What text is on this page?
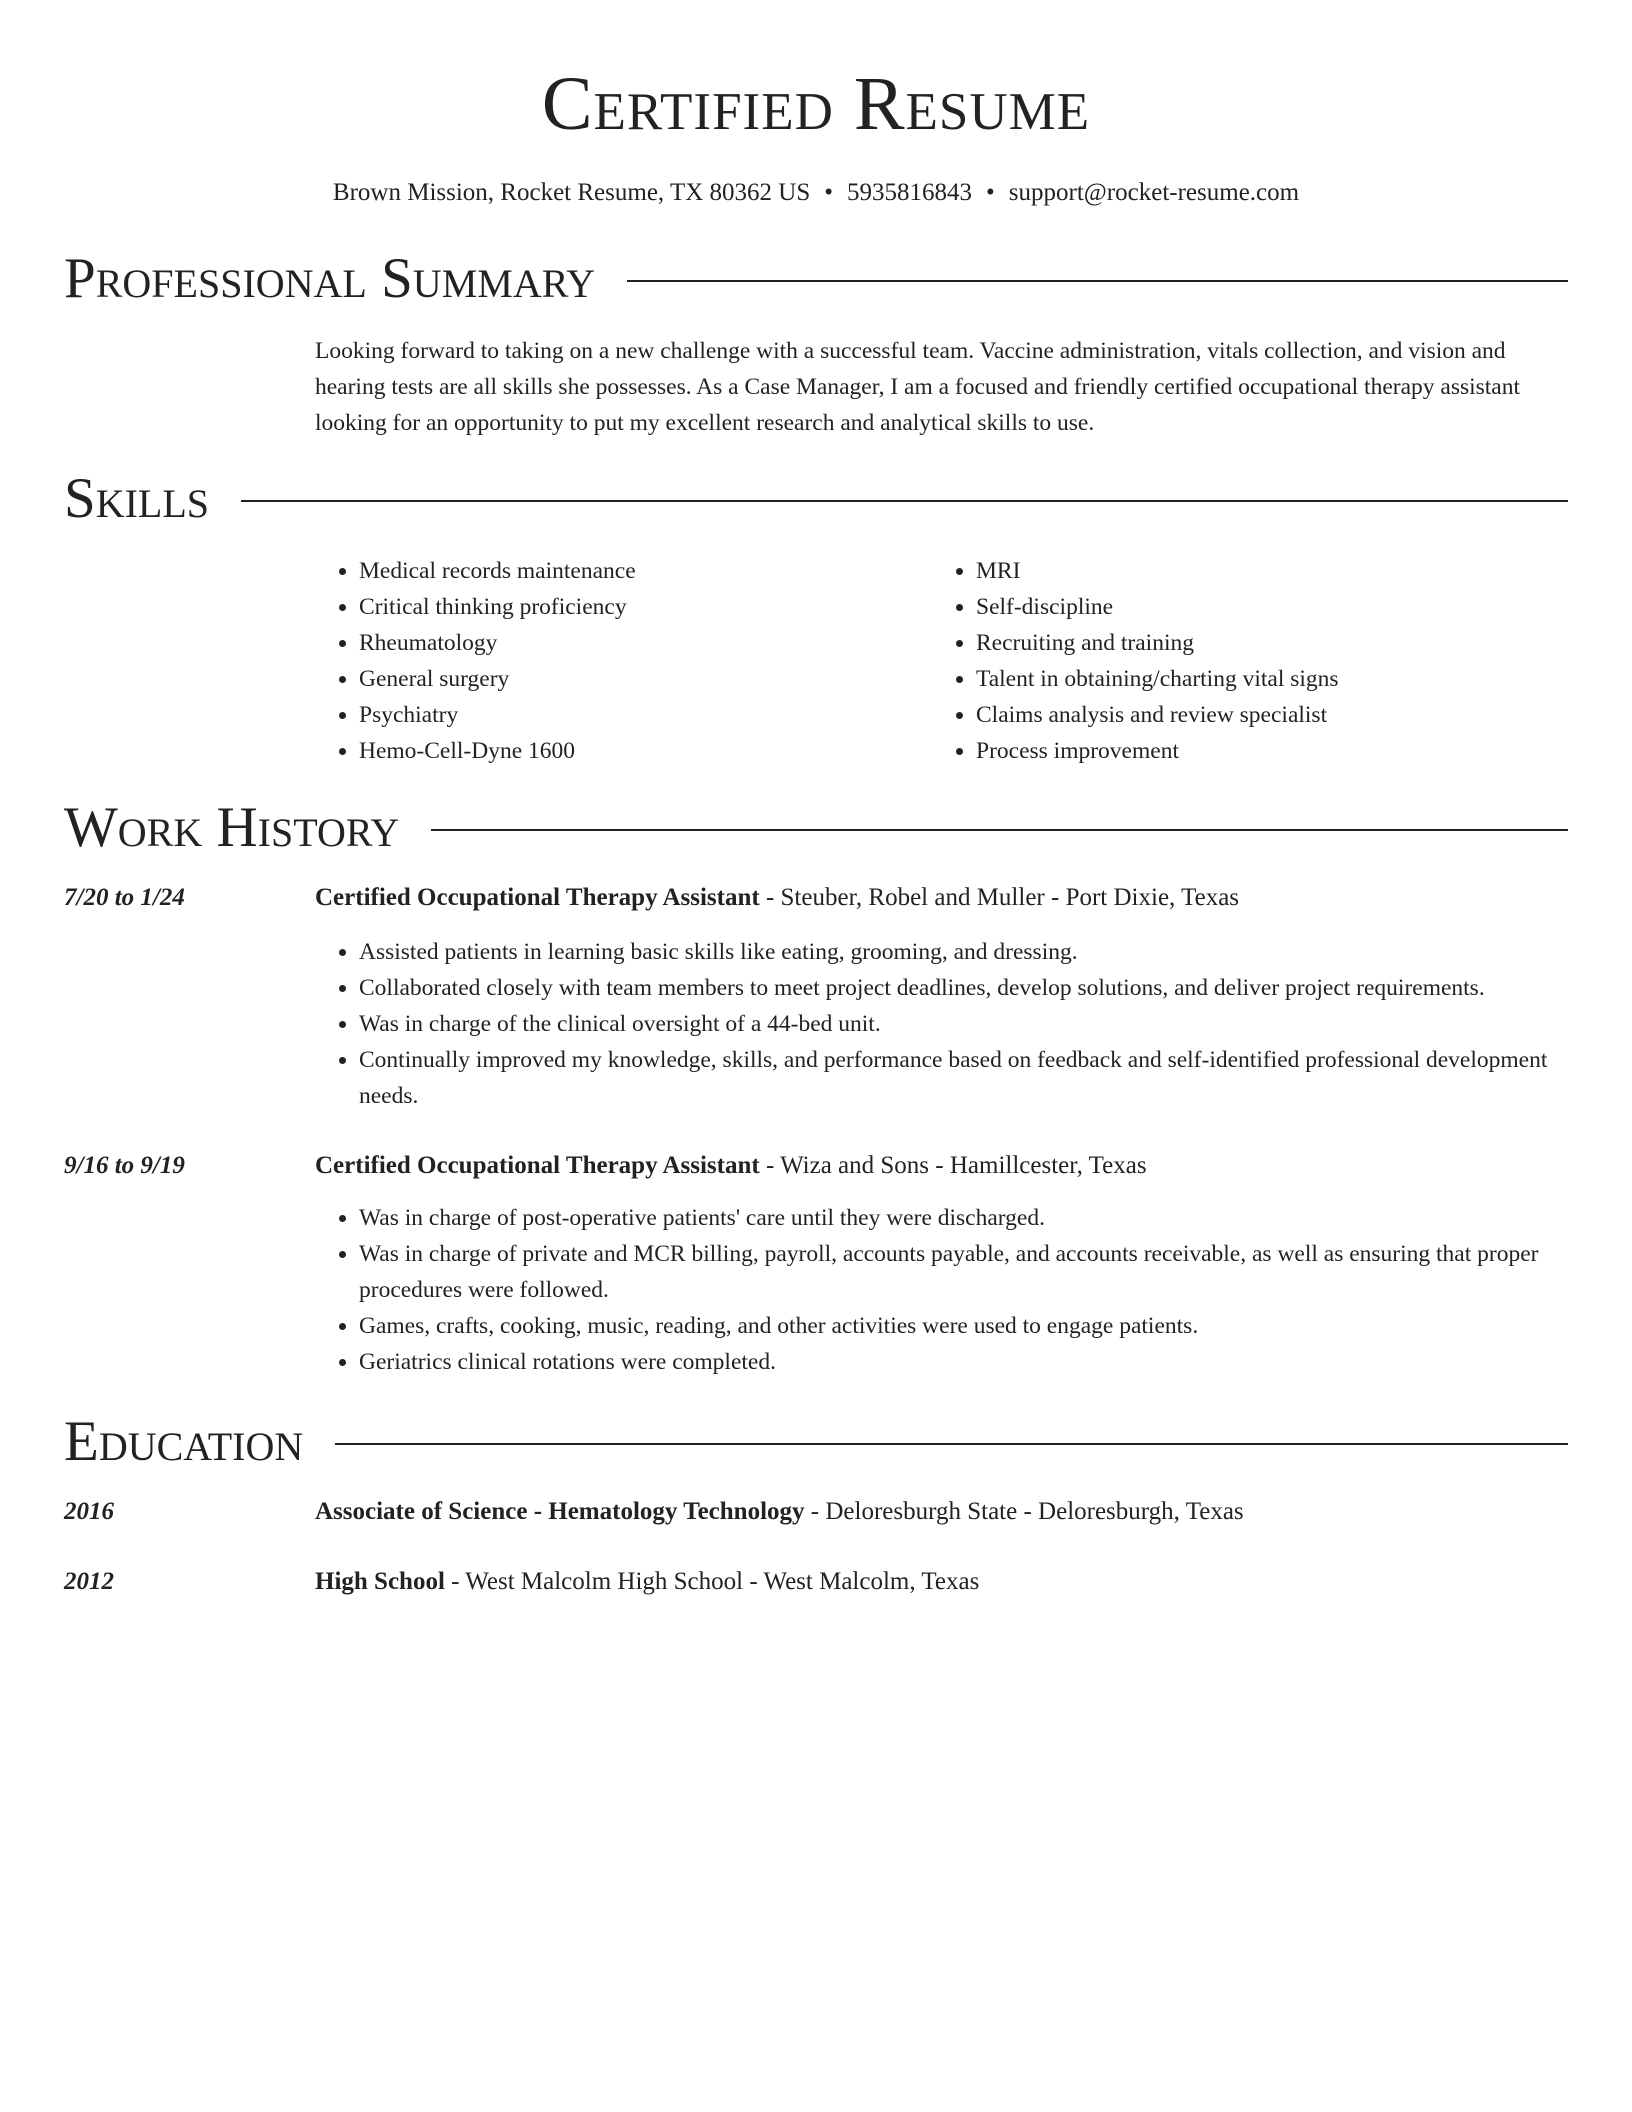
Certified Resume
Brown Mission, Rocket Resume, TX 80362 US • 5935816843 • support@rocket-resume.com
Professional Summary

Looking forward to taking on a new challenge with a successful team. Vaccine administration, vitals collection, and vision and hearing tests are all skills she possesses. As a Case Manager, I am a focused and friendly certified occupational therapy assistant looking for an opportunity to put my excellent research and analytical skills to use.

Skills
• Medical records maintenance
• Critical thinking proficiency
• Rheumatology
• General surgery
• Psychiatry
• Hemo-Cell-Dyne 1600
• MRI
• Self-discipline
• Recruiting and training
• Talent in obtaining/charting vital signs
• Claims analysis and review specialist
• Process improvement
Work History
7/20 to 1/24	Certified Occupational Therapy Assistant - Steuber, Robel and Muller - Port Dixie, Texas
• Assisted patients in learning basic skills like eating, grooming, and dressing.
• Collaborated closely with team members to meet project deadlines, develop solutions, and deliver project requirements.
• Was in charge of the clinical oversight of a 44-bed unit.
• Continually improved my knowledge, skills, and performance based on feedback and self-identified professional development needs.
9/16 to 9/19	Certified Occupational Therapy Assistant - Wiza and Sons - Hamillcester, Texas
• Was in charge of post-operative patients' care until they were discharged.
• Was in charge of private and MCR billing, payroll, accounts payable, and accounts receivable, as well as ensuring that proper procedures were followed.
• Games, crafts, cooking, music, reading, and other activities were used to engage patients.
• Geriatrics clinical rotations were completed.
Education
2016	Associate of Science - Hematology Technology - Deloresburgh State - Deloresburgh, Texas
2012	High School - West Malcolm High School - West Malcolm, Texas
